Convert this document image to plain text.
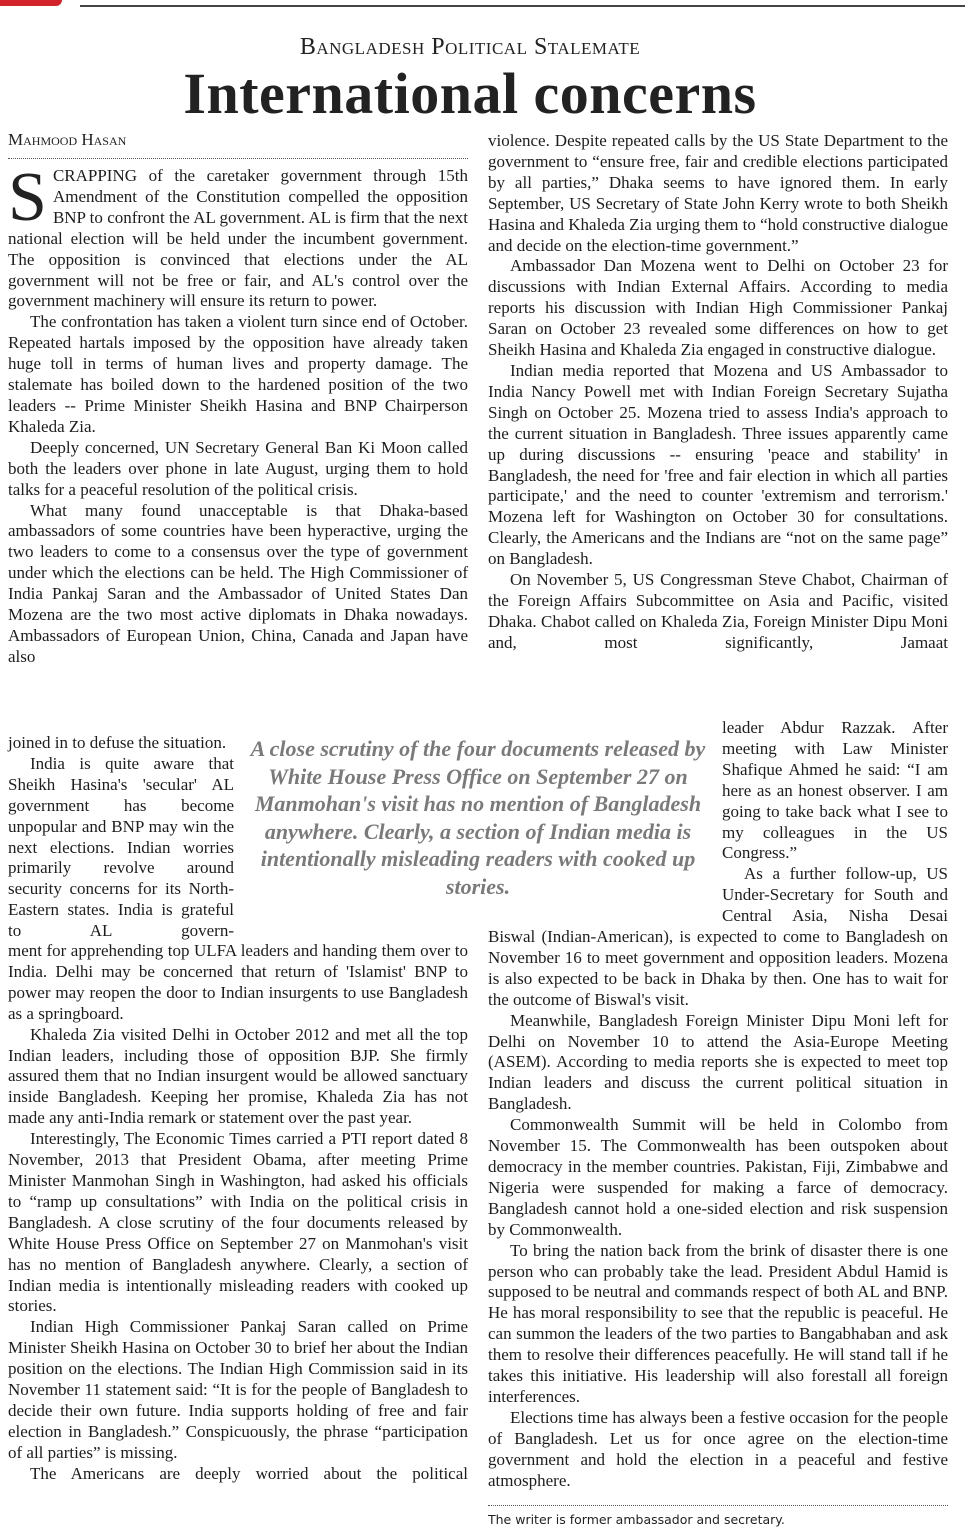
Bangladesh Political Stalemate
International concerns
Mahmood Hasan

SCRAPPING of the caretaker government through 15th Amendment of the Constitution compelled the opposition BNP to confront the AL government. AL is firm that the next national election will be held under the incumbent government. The opposition is convinced that elections under the AL government will not be free or fair, and AL's control over the government machinery will ensure its return to power.

The confrontation has taken a violent turn since end of October. Repeated hartals imposed by the opposition have already taken huge toll in terms of human lives and property damage. The stalemate has boiled down to the hardened position of the two leaders -- Prime Minister Sheikh Hasina and BNP Chairperson Khaleda Zia.

Deeply concerned, UN Secretary General Ban Ki Moon called both the leaders over phone in late August, urging them to hold talks for a peaceful resolution of the political crisis.

What many found unacceptable is that Dhaka-based ambassadors of some countries have been hyperactive, urging the two leaders to come to a consensus over the type of government under which the elections can be held. The High Commissioner of India Pankaj Saran and the Ambassador of United States Dan Mozena are the two most active diplomats in Dhaka nowadays. Ambassadors of European Union, China, Canada and Japan have also

joined in to defuse the situation.

India is quite aware that Sheikh Hasina's 'secular' AL government has become unpopular and BNP may win the next elections. Indian worries primarily revolve around security concerns for its North-Eastern states. India is grateful to AL govern-

ment for apprehending top ULFA leaders and handing them over to India. Delhi may be concerned that return of 'Islamist' BNP to power may reopen the door to Indian insurgents to use Bangladesh as a springboard.

Khaleda Zia visited Delhi in October 2012 and met all the top Indian leaders, including those of opposition BJP. She firmly assured them that no Indian insurgent would be allowed sanctuary inside Bangladesh. Keeping her promise, Khaleda Zia has not made any anti-India remark or statement over the past year.

Interestingly, The Economic Times carried a PTI report dated 8 November, 2013 that President Obama, after meeting Prime Minister Manmohan Singh in Washington, had asked his officials to “ramp up consultations” with India on the political crisis in Bangladesh. A close scrutiny of the four documents released by White House Press Office on September 27 on Manmohan's visit has no mention of Bangladesh anywhere. Clearly, a section of Indian media is intentionally misleading readers with cooked up stories.

Indian High Commissioner Pankaj Saran called on Prime Minister Sheikh Hasina on October 30 to brief her about the Indian position on the elections. The Indian High Commission said in its November 11 statement said: “It is for the people of Bangladesh to decide their own future. India supports holding of free and fair election in Bangladesh.” Conspicuously, the phrase “participation of all parties” is missing.

The Americans are deeply worried about the political

violence. Despite repeated calls by the US State Department to the government to “ensure free, fair and credible elections participated by all parties,” Dhaka seems to have ignored them. In early September, US Secretary of State John Kerry wrote to both Sheikh Hasina and Khaleda Zia urging them to “hold constructive dialogue and decide on the election-time government.”

Ambassador Dan Mozena went to Delhi on October 23 for discussions with Indian External Affairs. According to media reports his discussion with Indian High Commissioner Pankaj Saran on October 23 revealed some differences on how to get Sheikh Hasina and Khaleda Zia engaged in constructive dialogue.

Indian media reported that Mozena and US Ambassador to India Nancy Powell met with Indian Foreign Secretary Sujatha Singh on October 25. Mozena tried to assess India's approach to the current situation in Bangladesh. Three issues apparently came up during discussions -- ensuring 'peace and stability' in Bangladesh, the need for 'free and fair election in which all parties participate,' and the need to counter 'extremism and terrorism.' Mozena left for Washington on October 30 for consultations. Clearly, the Americans and the Indians are “not on the same page” on Bangladesh.

On November 5, US Congressman Steve Chabot, Chairman of the Foreign Affairs Subcommittee on Asia and Pacific, visited Dhaka. Chabot called on Khaleda Zia, Foreign Minister Dipu Moni and, most significantly, Jamaat

leader Abdur Razzak. After meeting with Law Minister Shafique Ahmed he said: “I am here as an honest observer. I am going to take back what I see to my colleagues in the US Congress.”

As a further follow-up, US Under-Secretary for South and Central Asia, Nisha Desai

Biswal (Indian-American), is expected to come to Bangladesh on November 16 to meet government and opposition leaders. Mozena is also expected to be back in Dhaka by then. One has to wait for the outcome of Biswal's visit.

Meanwhile, Bangladesh Foreign Minister Dipu Moni left for Delhi on November 10 to attend the Asia-Europe Meeting (ASEM). According to media reports she is expected to meet top Indian leaders and discuss the current political situation in Bangladesh.

Commonwealth Summit will be held in Colombo from November 15. The Commonwealth has been outspoken about democracy in the member countries. Pakistan, Fiji, Zimbabwe and Nigeria were suspended for making a farce of democracy. Bangladesh cannot hold a one-sided election and risk suspension by Commonwealth.

To bring the nation back from the brink of disaster there is one person who can probably take the lead. President Abdul Hamid is supposed to be neutral and commands respect of both AL and BNP. He has moral responsibility to see that the republic is peaceful. He can summon the leaders of the two parties to Bangabhaban and ask them to resolve their differences peacefully. He will stand tall if he takes this initiative. His leadership will also forestall all foreign interferences.

Elections time has always been a festive occasion for the people of Bangladesh. Let us for once agree on the election-time government and hold the election in a peaceful and festive atmosphere.

A close scrutiny of the four documents released by White House Press Office on September 27 on Manmohan's visit has no mention of Bangladesh anywhere. Clearly, a section of Indian media is intentionally misleading readers with cooked up stories.
The writer is former ambassador and secretary.
